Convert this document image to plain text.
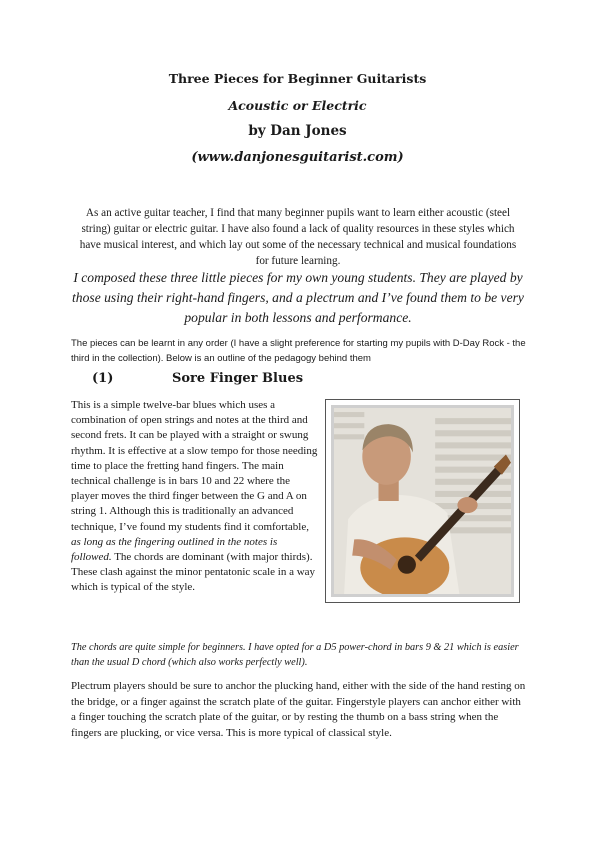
Three Pieces for Beginner Guitarists
Acoustic or Electric
by Dan Jones
(www.danjonesguitarist.com)
As an active guitar teacher, I find that many beginner pupils want to learn either acoustic (steel string) guitar or electric guitar. I have also found a lack of quality resources in these styles which have musical interest, and which lay out some of the necessary technical and musical foundations for future learning.
I composed these three little pieces for my own young students. They are played by those using their right-hand fingers, and a plectrum and I’ve found them to be very popular in both lessons and performance.
The pieces can be learnt in any order (I have a slight preference for starting my pupils with D-Day Rock - the third in the collection). Below is an outline of the pedagogy behind them
(1)	Sore Finger Blues
This is a simple twelve-bar blues which uses a combination of open strings and notes at the third and second frets. It can be played with a straight or swung rhythm. It is effective at a slow tempo for those needing time to place the fretting hand fingers. The main technical challenge is in bars 10 and 22 where the player moves the third finger between the G and A on string 1. Although this is traditionally an advanced technique, I’ve found my students find it comfortable, as long as the fingering outlined in the notes is followed. The chords are dominant (with major thirds). These clash against the minor pentatonic scale in a way which is typical of the style.
The chords are quite simple for beginners. I have opted for a D5 power-chord in bars 9 & 21 which is easier than the usual D chord (which also works perfectly well).
Plectrum players should be sure to anchor the plucking hand, either with the side of the hand resting on the bridge, or a finger against the scratch plate of the guitar. Fingerstyle players can anchor either with a finger touching the scratch plate of the guitar, or by resting the thumb on a bass string when the fingers are plucking, or vice versa. This is more typical of classical style.
